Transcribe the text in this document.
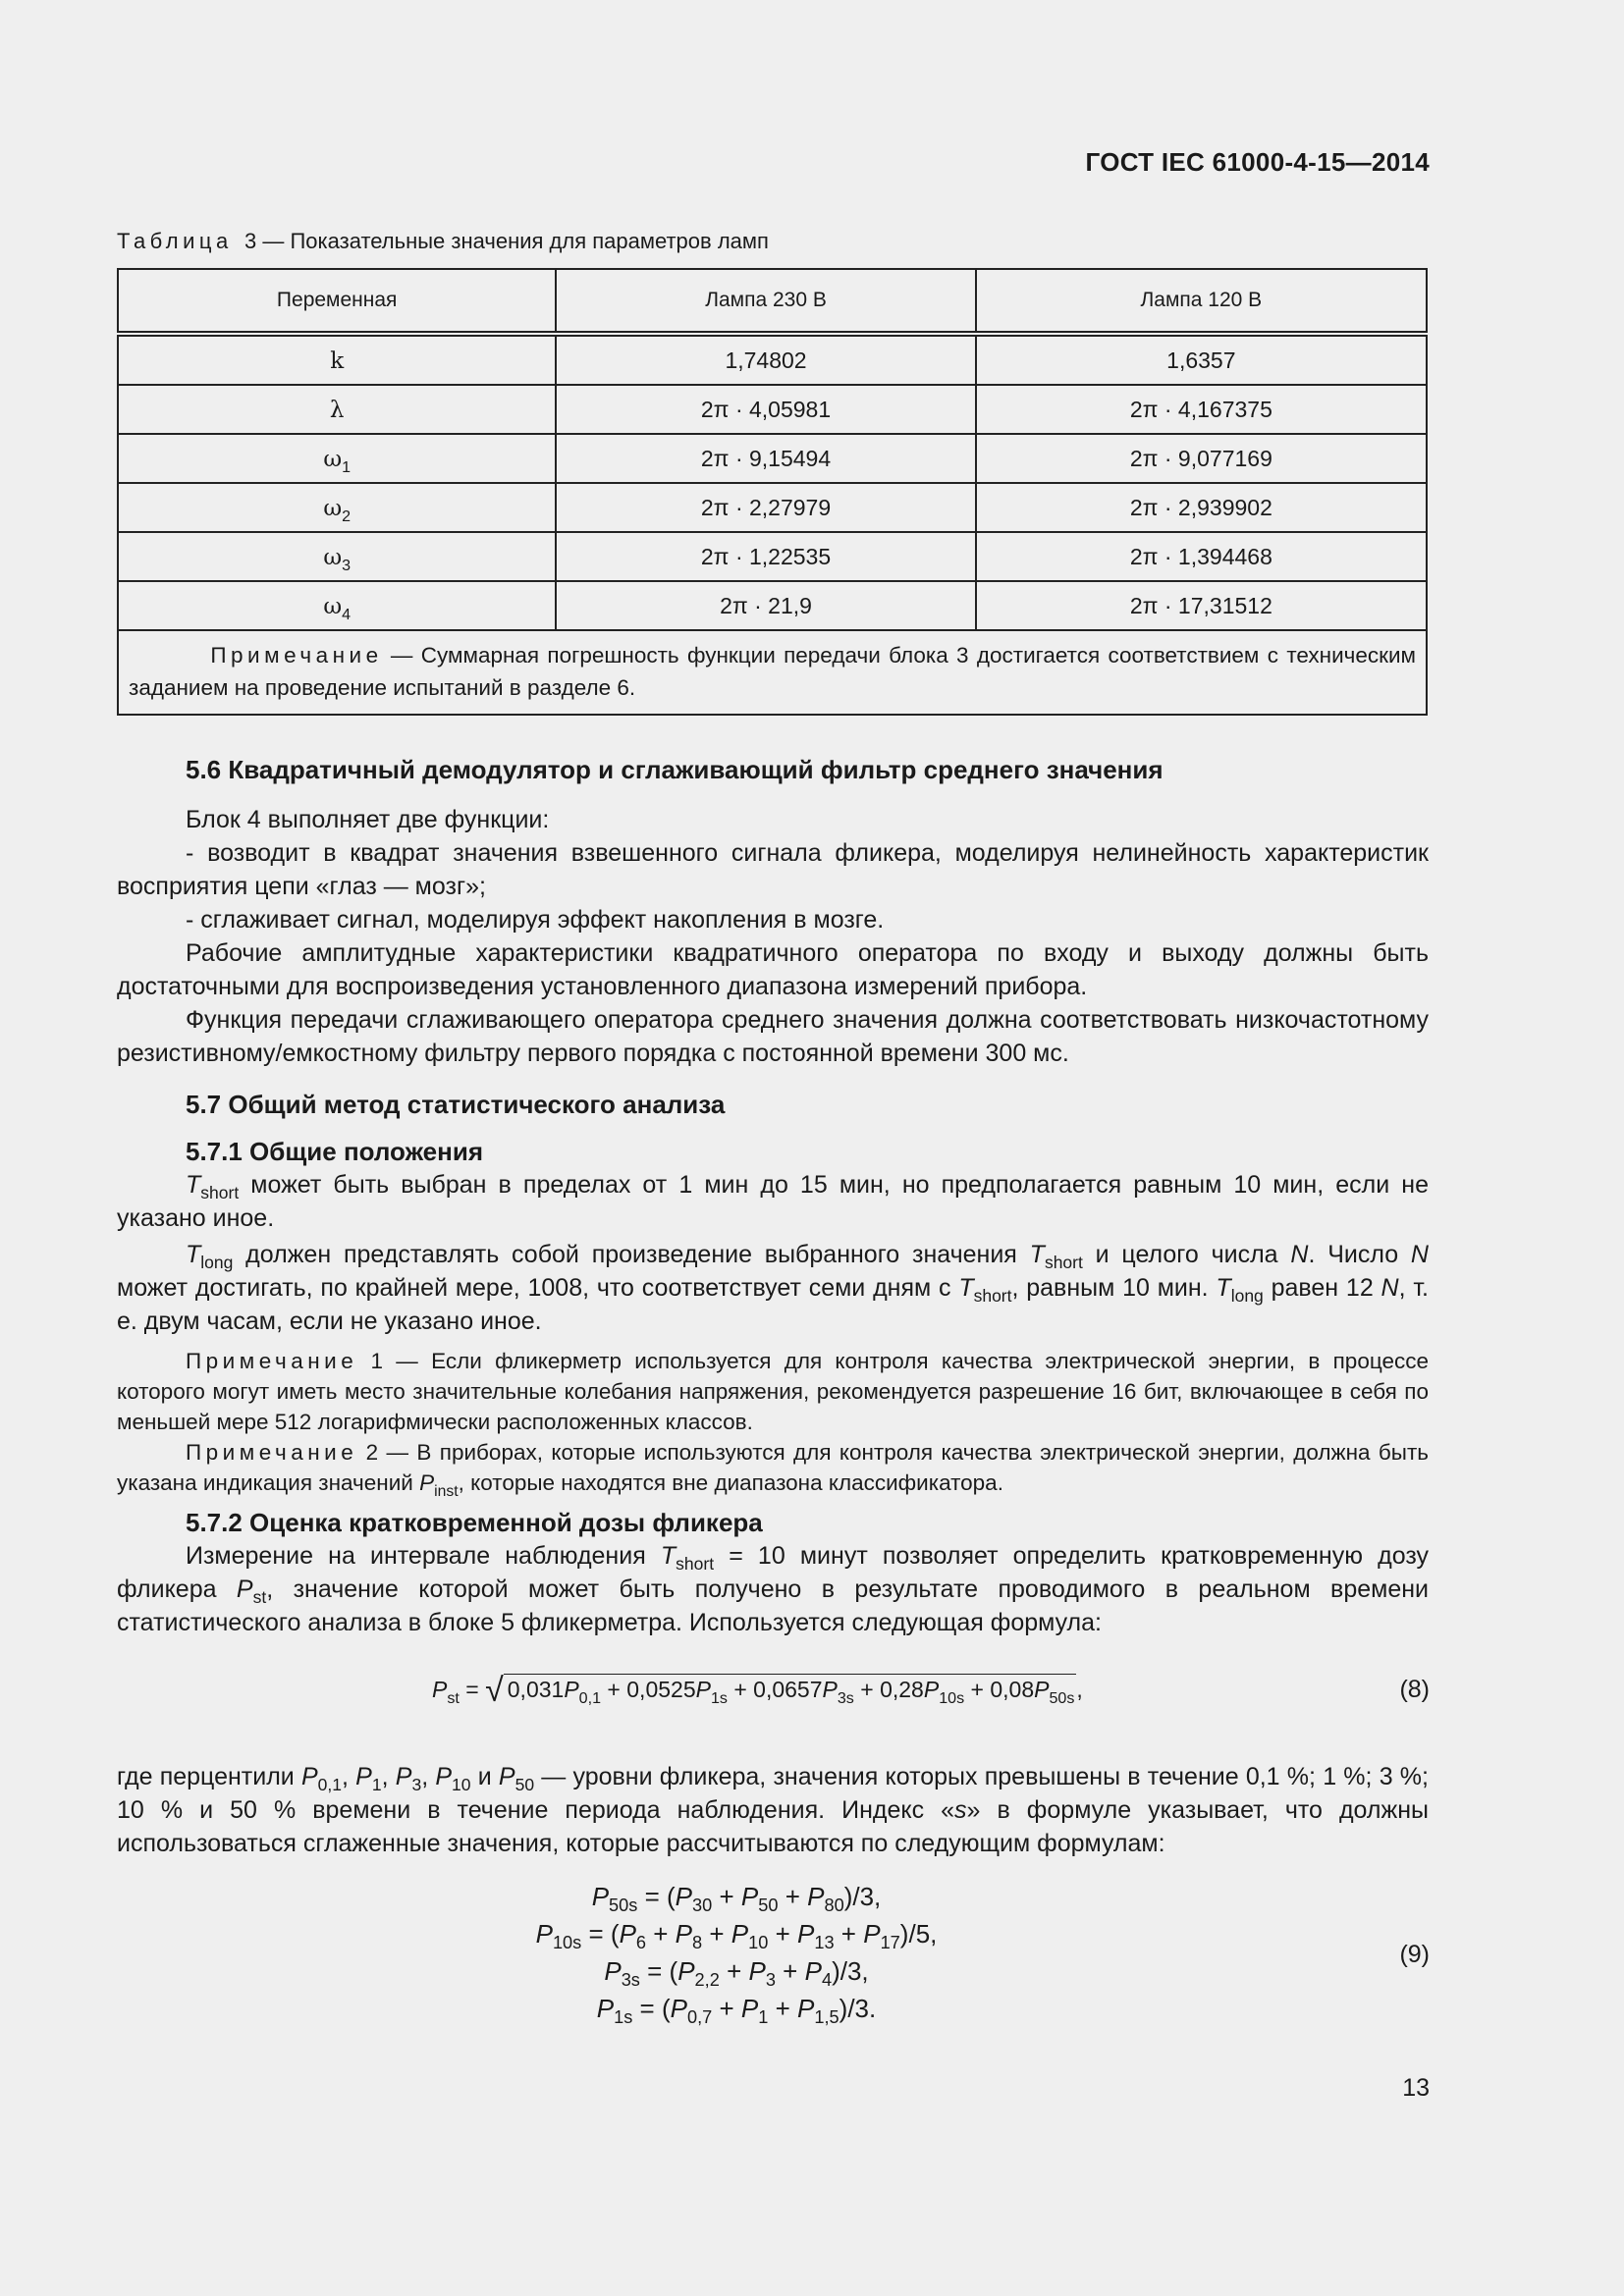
ГОСТ IEC 61000-4-15—2014
Таблица 3 — Показательные значения для параметров ламп
Переменная	Лампа 230 В	Лампа 120 В
k	1,74802	1,6357
λ	2π · 4,05981	2π · 4,167375
$\omega_1$	2π · 9,15494	2π · 9,077169
$\omega_2$	2π · 2,27979	2π · 2,939902
$\omega_3$	2π · 1,22535	2π · 1,394468
$\omega_4$	2π · 21,9	2π · 17,31512
Примечание — Суммарная погрешность функции передачи блока 3 достигается соответствием с техническим заданием на проведение испытаний в разделе 6.		
5.6 Квадратичный демодулятор и сглаживающий фильтр среднего значения

Блок 4 выполняет две функции:

- возводит в квадрат значения взвешенного сигнала фликера, моделируя нелинейность характеристик восприятия цепи «глаз — мозг»;

- сглаживает сигнал, моделируя эффект накопления в мозге.

Рабочие амплитудные характеристики квадратичного оператора по входу и выходу должны быть достаточными для воспроизведения установленного диапазона измерений прибора.

Функция передачи сглаживающего оператора среднего значения должна соответствовать низкочастотному резистивному/емкостному фильтру первого порядка с постоянной времени 300 мс.

5.7 Общий метод статистического анализа
5.7.1 Общие положения

$T_{short}$ может быть выбран в пределах от 1 мин до 15 мин, но предполагается равным 10 мин, если не указано иное.

$T_{long}$ должен представлять собой произведение выбранного значения $T_{short}$ и целого числа N. Число N может достигать, по крайней мере, 1008, что соответствует семи дням с $T_{short}$, равным 10 мин. $T_{long}$ равен 12 N, т. е. двум часам, если не указано иное.

Примечание 1 — Если фликерметр используется для контроля качества электрической энергии, в процессе которого могут иметь место значительные колебания напряжения, рекомендуется разрешение 16 бит, включающее в себя по меньшей мере 512 логарифмически расположенных классов.

Примечание 2 — В приборах, которые используются для контроля качества электрической энергии, должна быть указана индикация значений $P_{inst}$, которые находятся вне диапазона классификатора.

5.7.2 Оценка кратковременной дозы фликера

Измерение на интервале наблюдения $T_{short} = 10$ минут позволяет определить кратковременную дозу фликера $P_{st}$, значение которой может быть получено в результате проводимого в реальном времени статистического анализа в блоке 5 фликерметра. Используется следующая формула:

$P_{st}$ = √ $0,031P_{0,1} + 0,0525P_{1s} + 0,0657P_{3s} + 0,28P_{10s} + 0,08P_{50s}$,	(8)

где перцентили $P_{0,1}$, $P_1$, $P_3$, $P_{10}$ и $P_{50}$ — уровни фликера, значения которых превышены в течение 0,1 %; 1 %; 3 %; 10 % и 50 % времени в течение периода наблюдения. Индекс «s» в формуле указывает, что должны использоваться сглаженные значения, которые рассчитываются по следующим формулам:

$P_{50s} = (P_{30} + P_{50} + P_{80})/3$,
$P_{10s} = (P_6 + P_8 + P_{10} + P_{13} + P_{17})/5$,
$P_{3s} = (P_{2,2} + P_3 + P_4)/3$,
$P_{1s} = (P_{0,7} + P_1 + P_{1,5})/3$.
(9)
13
